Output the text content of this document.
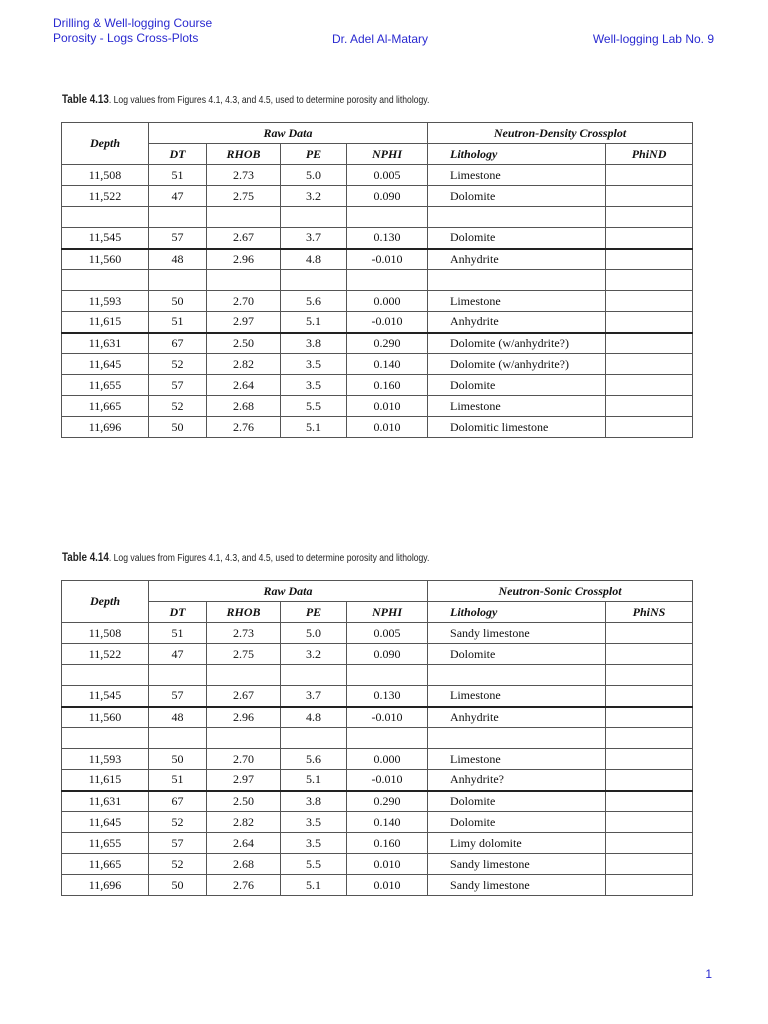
Drilling & Well-logging Course
Porosity - Logs Cross-Plots	Dr. Adel Al-Matary	Well-logging Lab No. 9
Table 4.13. Log values from Figures 4.1, 4.3, and 4.5, used to determine porosity and lithology.
Depth	Raw Data				Neutron-Density Crossplot	
	DT	RHOB	PE	NPHI	Lithology	PhiND
11,508	51	2.73	5.0	0.005	Limestone	
11,522	47	2.75	3.2	0.090	Dolomite	

11,545	57	2.67	3.7	0.130	Dolomite	
11,560	48	2.96	4.8	-0.010	Anhydrite	

11,593	50	2.70	5.6	0.000	Limestone	
11,615	51	2.97	5.1	-0.010	Anhydrite	
11,631	67	2.50	3.8	0.290	Dolomite (w/anhydrite?)	
11,645	52	2.82	3.5	0.140	Dolomite (w/anhydrite?)	
11,655	57	2.64	3.5	0.160	Dolomite	
11,665	52	2.68	5.5	0.010	Limestone	
11,696	50	2.76	5.1	0.010	Dolomitic limestone	
Table 4.14. Log values from Figures 4.1, 4.3, and 4.5, used to determine porosity and lithology.
Depth	Raw Data				Neutron-Sonic Crossplot	
	DT	RHOB	PE	NPHI	Lithology	PhiNS
11,508	51	2.73	5.0	0.005	Sandy limestone	
11,522	47	2.75	3.2	0.090	Dolomite	

11,545	57	2.67	3.7	0.130	Limestone	
11,560	48	2.96	4.8	-0.010	Anhydrite	

11,593	50	2.70	5.6	0.000	Limestone	
11,615	51	2.97	5.1	-0.010	Anhydrite?	
11,631	67	2.50	3.8	0.290	Dolomite	
11,645	52	2.82	3.5	0.140	Dolomite	
11,655	57	2.64	3.5	0.160	Limy dolomite	
11,665	52	2.68	5.5	0.010	Sandy limestone	
11,696	50	2.76	5.1	0.010	Sandy limestone	
1
